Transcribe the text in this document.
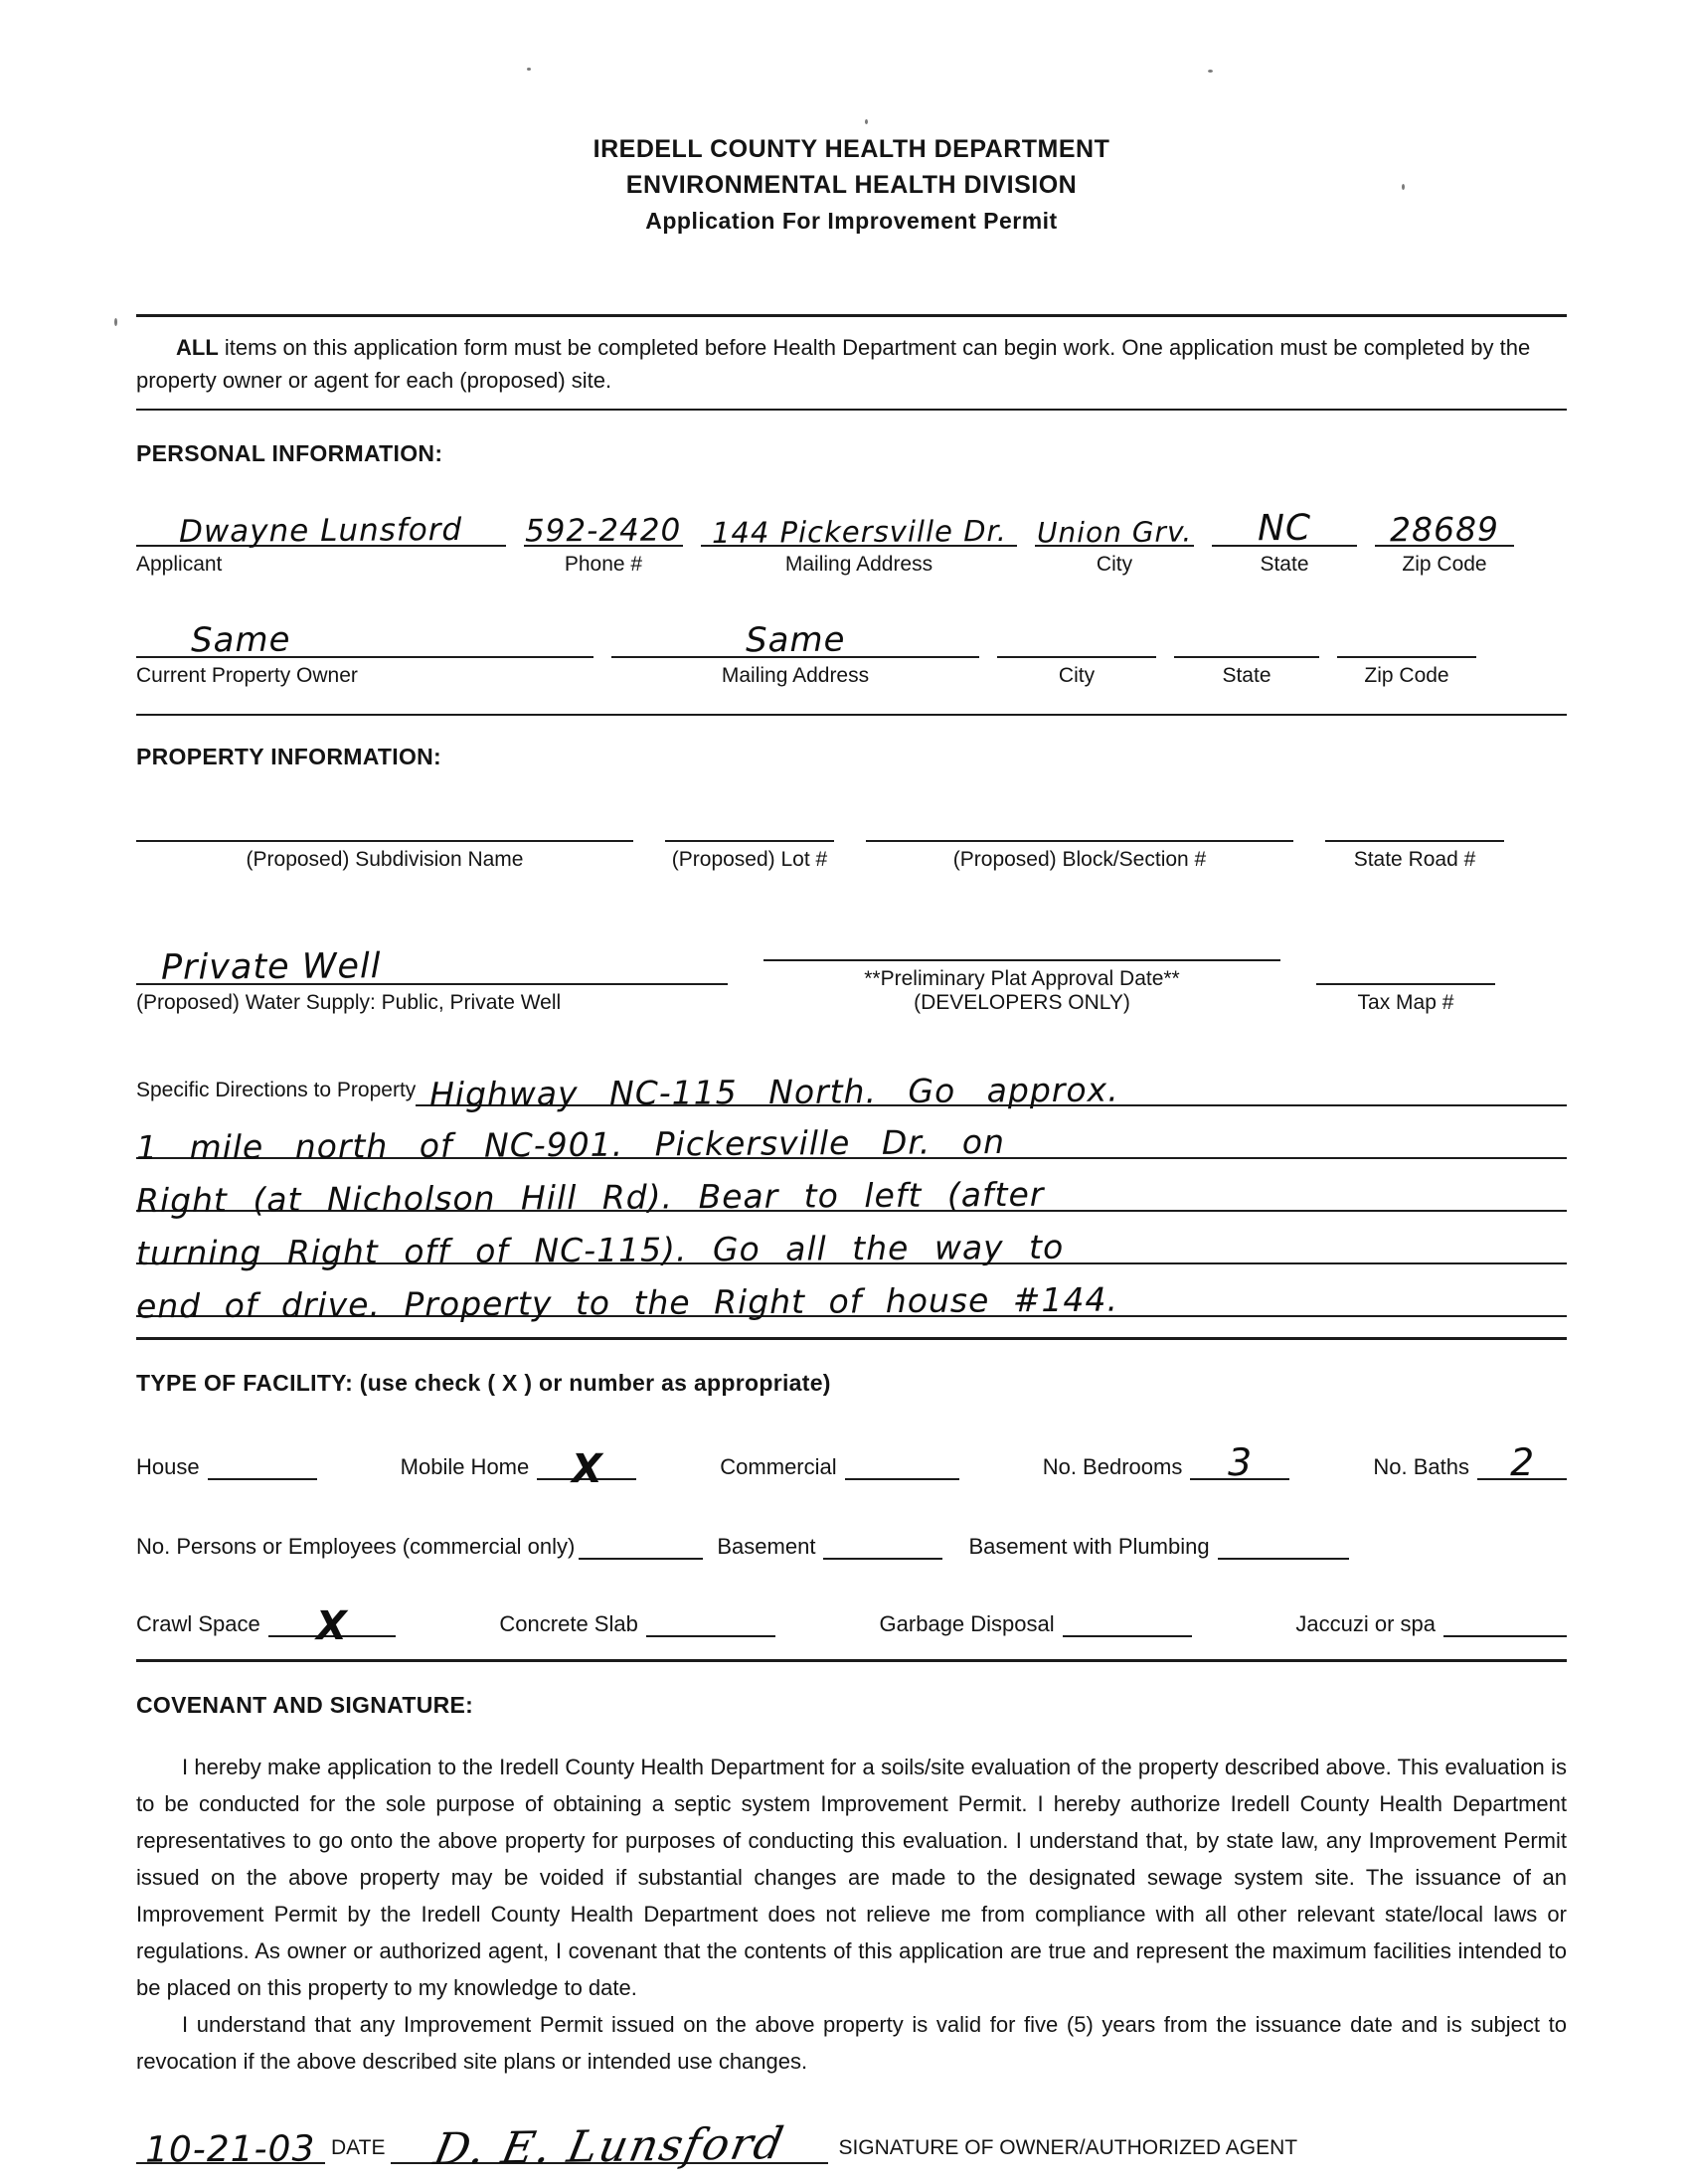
IREDELL COUNTY HEALTH DEPARTMENT
ENVIRONMENTAL HEALTH DIVISION
Application For Improvement Permit

ALL items on this application form must be completed before Health Department can begin work. One application must be completed by the property owner or agent for each (proposed) site.

PERSONAL INFORMATION:
Dwayne Lunsford
Applicant
592-2420
Phone #
144 Pickersville Dr.
Mailing Address
Union Grv.
City
NC
State
28689
Zip Code
Same
Current Property Owner
Same
Mailing Address	City	State	Zip Code
PROPERTY INFORMATION:
(Proposed) Subdivision Name	(Proposed) Lot #	(Proposed) Block/Section #	State Road #
Private Well
(Proposed) Water Supply: Public, Private Well
**Preliminary Plat Approval Date**
(DEVELOPERS ONLY)	Tax Map #
Specific Directions to Property Highway NC-115 North. Go approx.
1 mile north of NC-901. Pickersville Dr. on
Right (at Nicholson Hill Rd). Bear to left (after
turning Right off of NC-115). Go all the way to
end of drive. Property to the Right of house #144.
TYPE OF FACILITY: (use check ( X ) or number as appropriate)
House	Mobile Home X	Commercial	No. Bedrooms 3	No. Baths 2
No. Persons or Employees (commercial only)	Basement	Basement with Plumbing
Crawl Space X	Concrete Slab	Garbage Disposal	Jaccuzi or spa
COVENANT AND SIGNATURE:

I hereby make application to the Iredell County Health Department for a soils/site evaluation of the property described above. This evaluation is to be conducted for the sole purpose of obtaining a septic system Improvement Permit. I hereby authorize Iredell County Health Department representatives to go onto the above property for purposes of conducting this evaluation. I understand that, by state law, any Improvement Permit issued on the above property may be voided if substantial changes are made to the designated sewage system site. The issuance of an Improvement Permit by the Iredell County Health Department does not relieve me from compliance with all other relevant state/local laws or regulations. As owner or authorized agent, I covenant that the contents of this application are true and represent the maximum facilities intended to be placed on this property to my knowledge to date.

I understand that any Improvement Permit issued on the above property is valid for five (5) years from the issuance date and is subject to revocation if the above described site plans or intended use changes.

10-21-03 DATE D. E. Lunsford	SIGNATURE OF OWNER/AUTHORIZED AGENT
